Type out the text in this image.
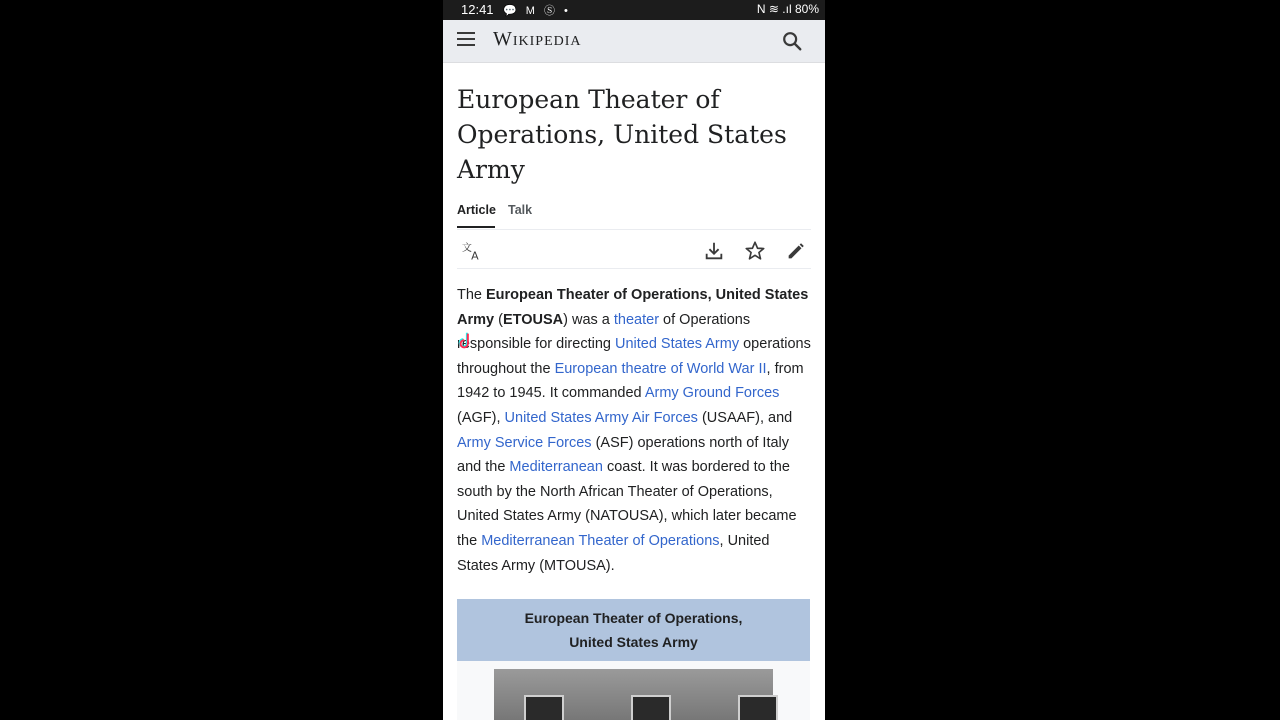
12:41 💬 M Ⓢ •	N ≋ .ıl 80%
Wikipedia
European Theater of Operations, United States Army
Article Talk
文
A

The European Theater of Operations, United States Army (ETOUSA) was a theater of Operations responsible for directing United States Army operations throughout the European theatre of World War II, from 1942 to 1945. It commanded Army Ground Forces (AGF), United States Army Air Forces (USAAF), and Army Service Forces (ASF) operations north of Italy and the Mediterranean coast. It was bordered to the south by the North African Theater of Operations, United States Army (NATOUSA), which later became the Mediterranean Theater of Operations, United States Army (MTOUSA).

European Theater of Operations,
United States Army
